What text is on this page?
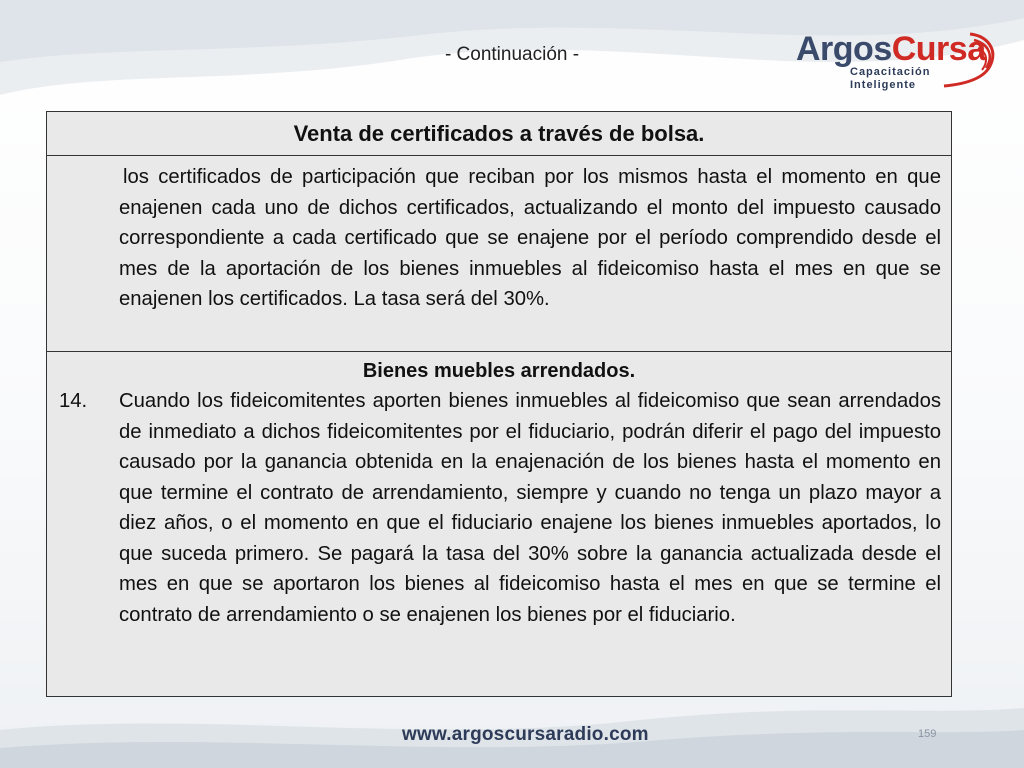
- Continuación -	ArgosCursa
Capacitación
Inteligente
Venta de certificados a través de bolsa.
los certificados de participación que reciban por los mismos hasta el momento en que enajenen cada uno de dichos certificados, actualizando el monto del impuesto causado correspondiente a cada certificado que se enajene por el período comprendido desde el mes de la aportación de los bienes inmuebles al fideicomiso hasta el mes en que se enajenen los certificados. La tasa será del 30%.
Bienes muebles arrendados.
14. Cuando los fideicomitentes aporten bienes inmuebles al fideicomiso que sean arrendados de inmediato a dichos fideicomitentes por el fiduciario, podrán diferir el pago del impuesto causado por la ganancia obtenida en la enajenación de los bienes hasta el momento en que termine el contrato de arrendamiento, siempre y cuando no tenga un plazo mayor a diez años, o el momento en que el fiduciario enajene los bienes inmuebles aportados, lo que suceda primero. Se pagará la tasa del 30% sobre la ganancia actualizada desde el mes en que se aportaron los bienes al fideicomiso hasta el mes en que se termine el contrato de arrendamiento o se enajenen los bienes por el fiduciario.
www.argoscursaradio.com	159
